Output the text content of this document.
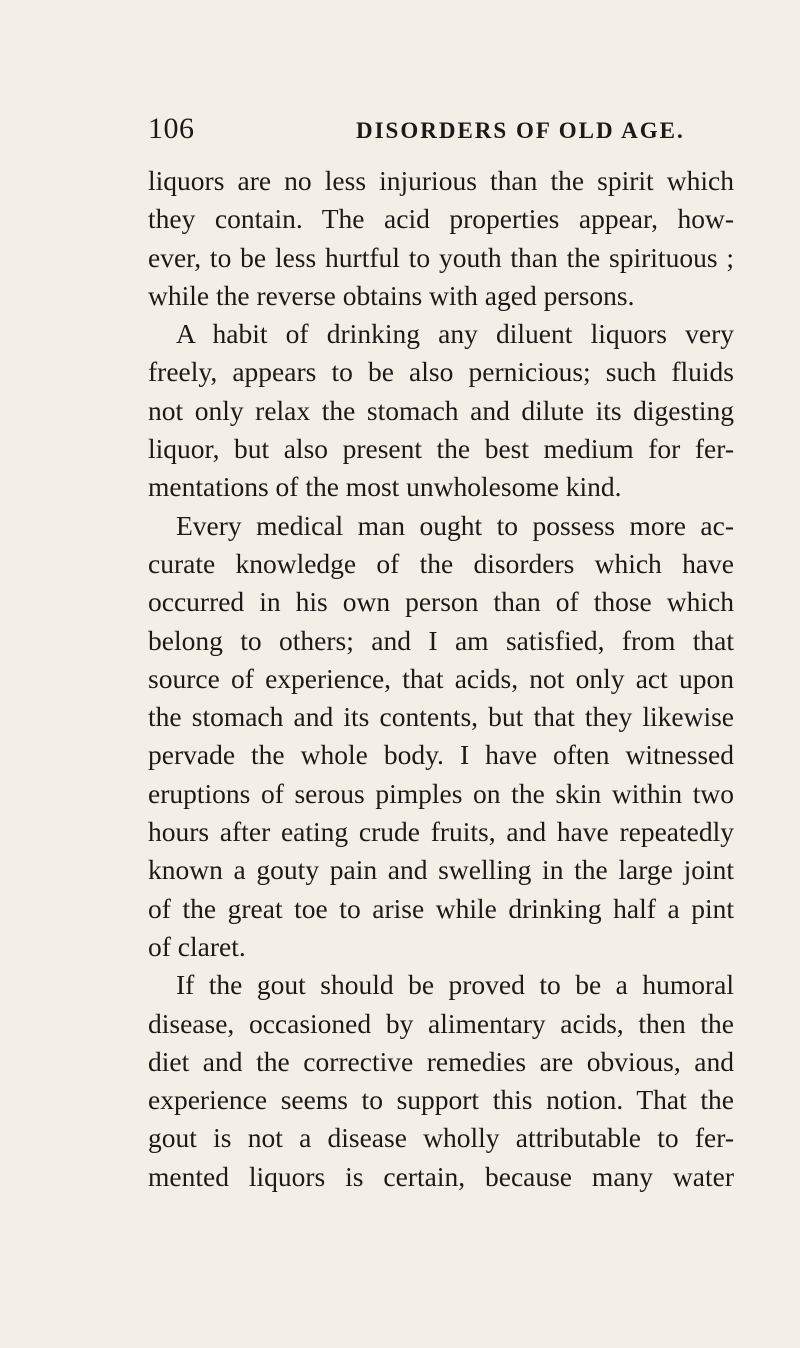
106	DISORDERS OF OLD AGE.
liquors are no less injurious than the spirit which
they contain. The acid properties appear, how-
ever, to be less hurtful to youth than the spirituous ;
while the reverse obtains with aged persons.
A habit of drinking any diluent liquors very
freely, appears to be also pernicious; such fluids
not only relax the stomach and dilute its digesting
liquor, but also present the best medium for fer-
mentations of the most unwholesome kind.
Every medical man ought to possess more ac-
curate knowledge of the disorders which have
occurred in his own person than of those which
belong to others; and I am satisfied, from that
source of experience, that acids, not only act upon
the stomach and its contents, but that they likewise
pervade the whole body. I have often witnessed
eruptions of serous pimples on the skin within two
hours after eating crude fruits, and have repeatedly
known a gouty pain and swelling in the large joint
of the great toe to arise while drinking half a pint
of claret.
If the gout should be proved to be a humoral
disease, occasioned by alimentary acids, then the
diet and the corrective remedies are obvious, and
experience seems to support this notion. That the
gout is not a disease wholly attributable to fer-
mented liquors is certain, because many water
